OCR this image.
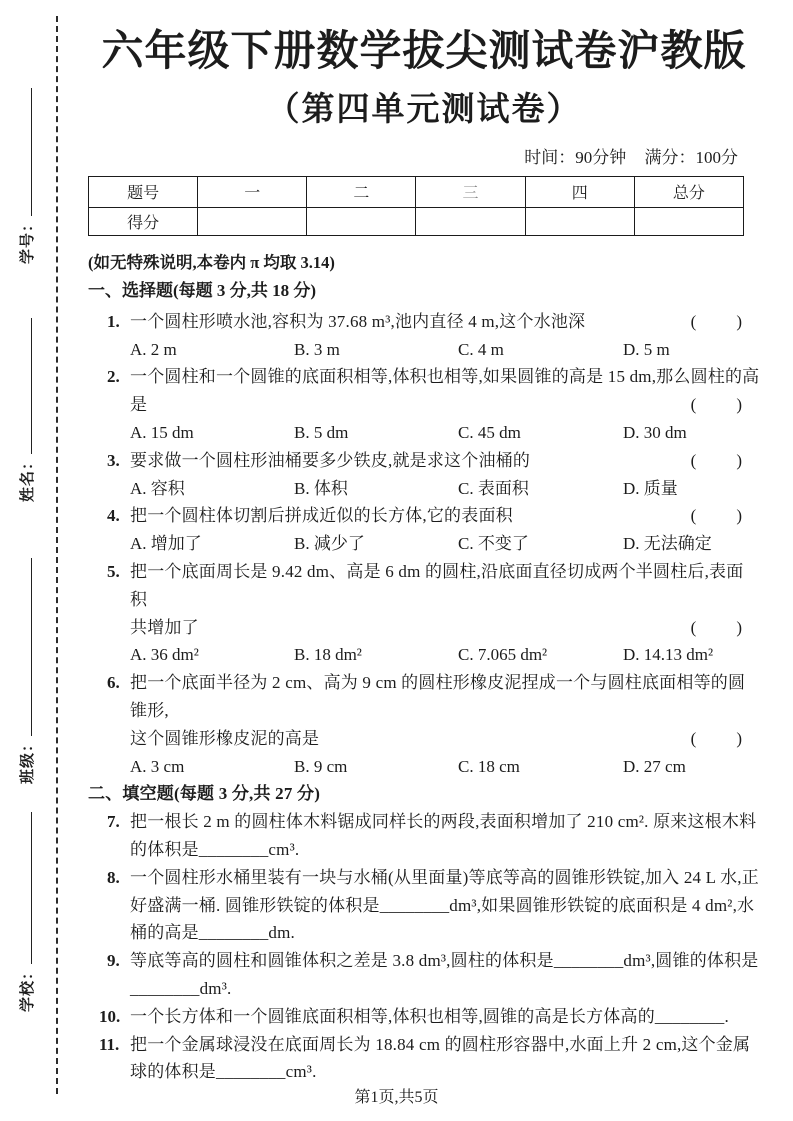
学号：
姓名：
班级：
学校：
六年级下册数学拔尖测试卷沪教版
（第四单元测试卷）
时间：90分钟 满分：100分
题号	一	二	三	四	总分
得分					
(如无特殊说明,本卷内 π 均取 3.14)
一、选择题(每题 3 分,共 18 分)
1. 一个圆柱形喷水池,容积为 37.68 m³,池内直径 4 m,这个水池深	(　　)
A. 2 m	B. 3 m	C. 4 m	D. 5 m
2. 一个圆柱和一个圆锥的底面积相等,体积也相等,如果圆锥的高是 15 dm,那么圆柱的高
是	(　　)
A. 15 dm	B. 5 dm	C. 45 dm	D. 30 dm
3. 要求做一个圆柱形油桶要多少铁皮,就是求这个油桶的	(　　)
A. 容积	B. 体积	C. 表面积	D. 质量
4. 把一个圆柱体切割后拼成近似的长方体,它的表面积	(　　)
A. 增加了	B. 减少了	C. 不变了	D. 无法确定
5. 把一个底面周长是 9.42 dm、高是 6 dm 的圆柱,沿底面直径切成两个半圆柱后,表面积
共增加了	(　　)
A. 36 dm²	B. 18 dm²	C. 7.065 dm²	D. 14.13 dm²
6. 把一个底面半径为 2 cm、高为 9 cm 的圆柱形橡皮泥捏成一个与圆柱底面相等的圆锥形,
这个圆锥形橡皮泥的高是	(　　)
A. 3 cm	B. 9 cm	C. 18 cm	D. 27 cm
二、填空题(每题 3 分,共 27 分)
7. 把一根长 2 m 的圆柱体木料锯成同样长的两段,表面积增加了 210 cm². 原来这根木料
的体积是________cm³.
8. 一个圆柱形水桶里装有一块与水桶(从里面量)等底等高的圆锥形铁锭,加入 24 L 水,正
好盛满一桶. 圆锥形铁锭的体积是________dm³,如果圆锥形铁锭的底面积是 4 dm²,水
桶的高是________dm.
9. 等底等高的圆柱和圆锥体积之差是 3.8 dm³,圆柱的体积是________dm³,圆锥的体积是
________dm³.
10. 一个长方体和一个圆锥底面积相等,体积也相等,圆锥的高是长方体高的________.
11. 把一个金属球浸没在底面周长为 18.84 cm 的圆柱形容器中,水面上升 2 cm,这个金属
球的体积是________cm³.
第1页,共5页
